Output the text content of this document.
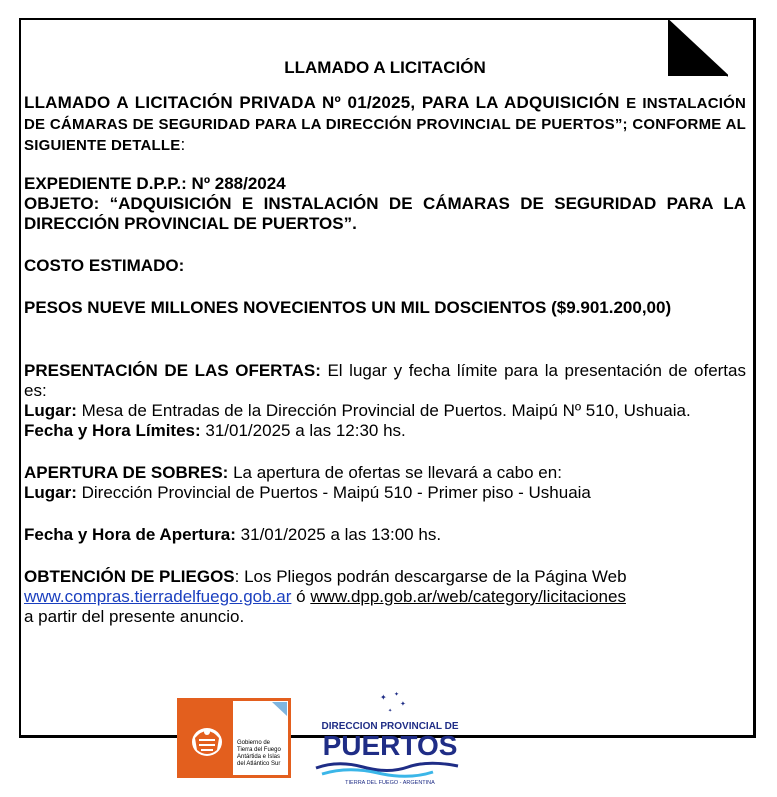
LLAMADO A LICITACIÓN

LLAMADO A LICITACIÓN PRIVADA Nº 01/2025, PARA LA ADQUISICIÓN E INSTALACIÓN DE CÁMARAS DE SEGURIDAD PARA LA DIRECCIÓN PROVINCIAL DE PUERTOS”; CONFORME AL SIGUIENTE DETALLE:

EXPEDIENTE D.P.P.: Nº 288/2024

OBJETO: “ADQUISICIÓN E INSTALACIÓN DE CÁMARAS DE SEGURIDAD PARA LA DIRECCIÓN PROVINCIAL DE PUERTOS”.

COSTO ESTIMADO:

PESOS NUEVE MILLONES NOVECIENTOS UN MIL DOSCIENTOS ($9.901.200,00)

PRESENTACIÓN DE LAS OFERTAS: El lugar y fecha límite para la presentación de ofertas es:

Lugar: Mesa de Entradas de la Dirección Provincial de Puertos. Maipú Nº 510, Ushuaia.

Fecha y Hora Límites: 31/01/2025 a las 12:30 hs.

APERTURA DE SOBRES: La apertura de ofertas se llevará a cabo en:

Lugar: Dirección Provincial de Puertos - Maipú 510 - Primer piso - Ushuaia

Fecha y Hora de Apertura: 31/01/2025 a las 13:00 hs.

OBTENCIÓN DE PLIEGOS: Los Pliegos podrán descargarse de la Página Web

www.compras.tierradelfuego.gob.ar ó www.dpp.gob.ar/web/category/licitaciones

a partir del presente anuncio.

Gobierno de
Tierra del Fuego
Antártida e Islas
del Atlántico Sur
✦ ✦
✦
✦
DIRECCION PROVINCIAL DE
PUERTOS
TIERRA DEL FUEGO - ARGENTINA
